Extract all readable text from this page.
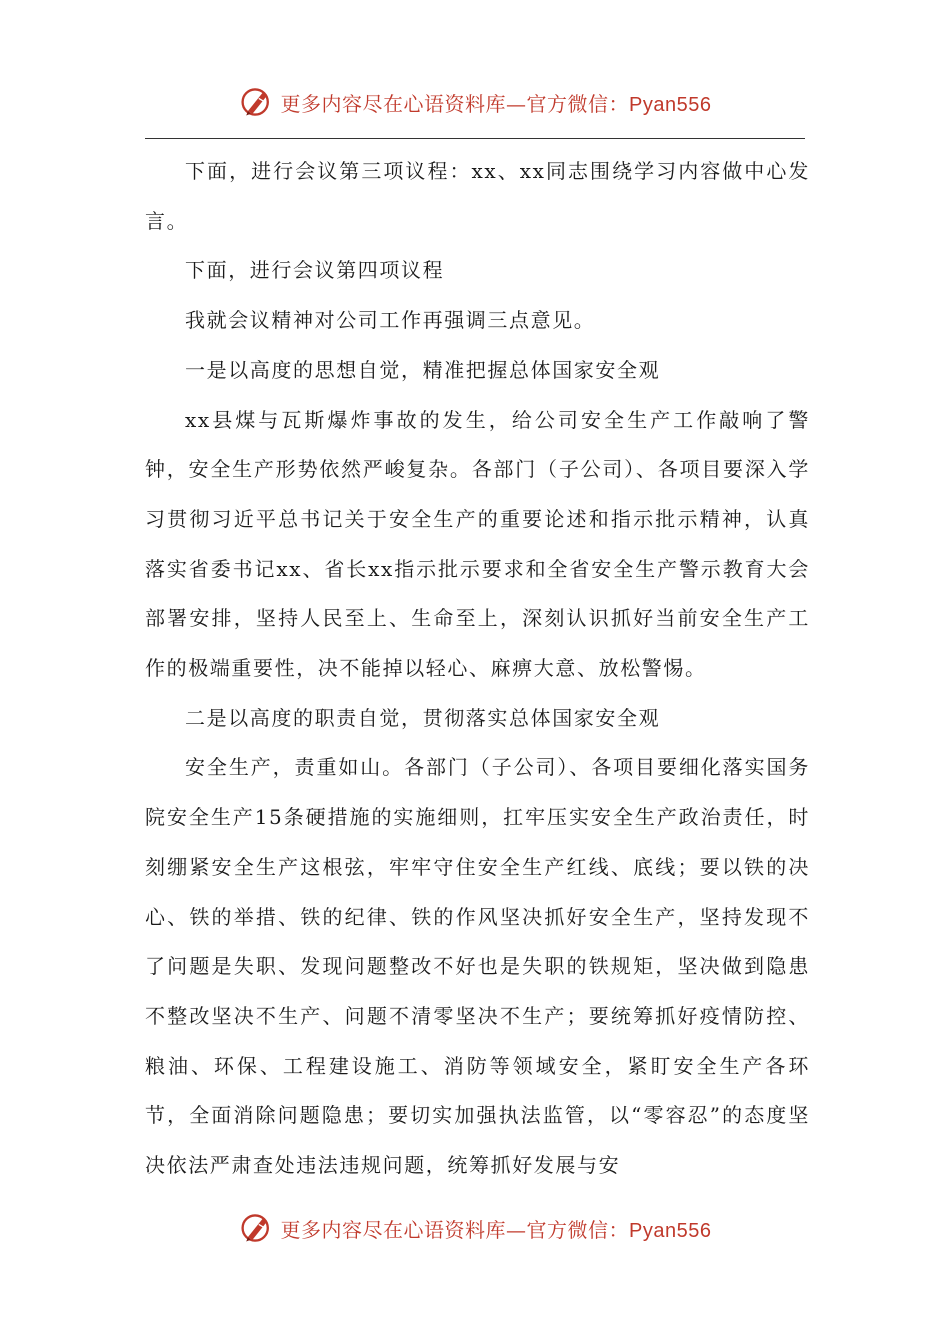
更多内容尽在心语资料库—官方微信：Pyan556

下面，进行会议第三项议程：xx、xx同志围绕学习内容做中心发言。

下面，进行会议第四项议程

我就会议精神对公司工作再强调三点意见。

一是以高度的思想自觉，精准把握总体国家安全观

xx县煤与瓦斯爆炸事故的发生，给公司安全生产工作敲响了警钟，安全生产形势依然严峻复杂。各部门（子公司）、各项目要深入学习贯彻习近平总书记关于安全生产的重要论述和指示批示精神，认真落实省委书记xx、省长xx指示批示要求和全省安全生产警示教育大会部署安排，坚持人民至上、生命至上，深刻认识抓好当前安全生产工作的极端重要性，决不能掉以轻心、麻痹大意、放松警惕。

二是以高度的职责自觉，贯彻落实总体国家安全观

安全生产，责重如山。各部门（子公司）、各项目要细化落实国务院安全生产15条硬措施的实施细则，扛牢压实安全生产政治责任，时刻绷紧安全生产这根弦，牢牢守住安全生产红线、底线；要以铁的决心、铁的举措、铁的纪律、铁的作风坚决抓好安全生产，坚持发现不了问题是失职、发现问题整改不好也是失职的铁规矩，坚决做到隐患不整改坚决不生产、问题不清零坚决不生产；要统筹抓好疫情防控、粮油、环保、工程建设施工、消防等领域安全，紧盯安全生产各环节，全面消除问题隐患；要切实加强执法监管，以“零容忍”的态度坚决依法严肃查处违法违规问题，统筹抓好发展与安

更多内容尽在心语资料库—官方微信：Pyan556
